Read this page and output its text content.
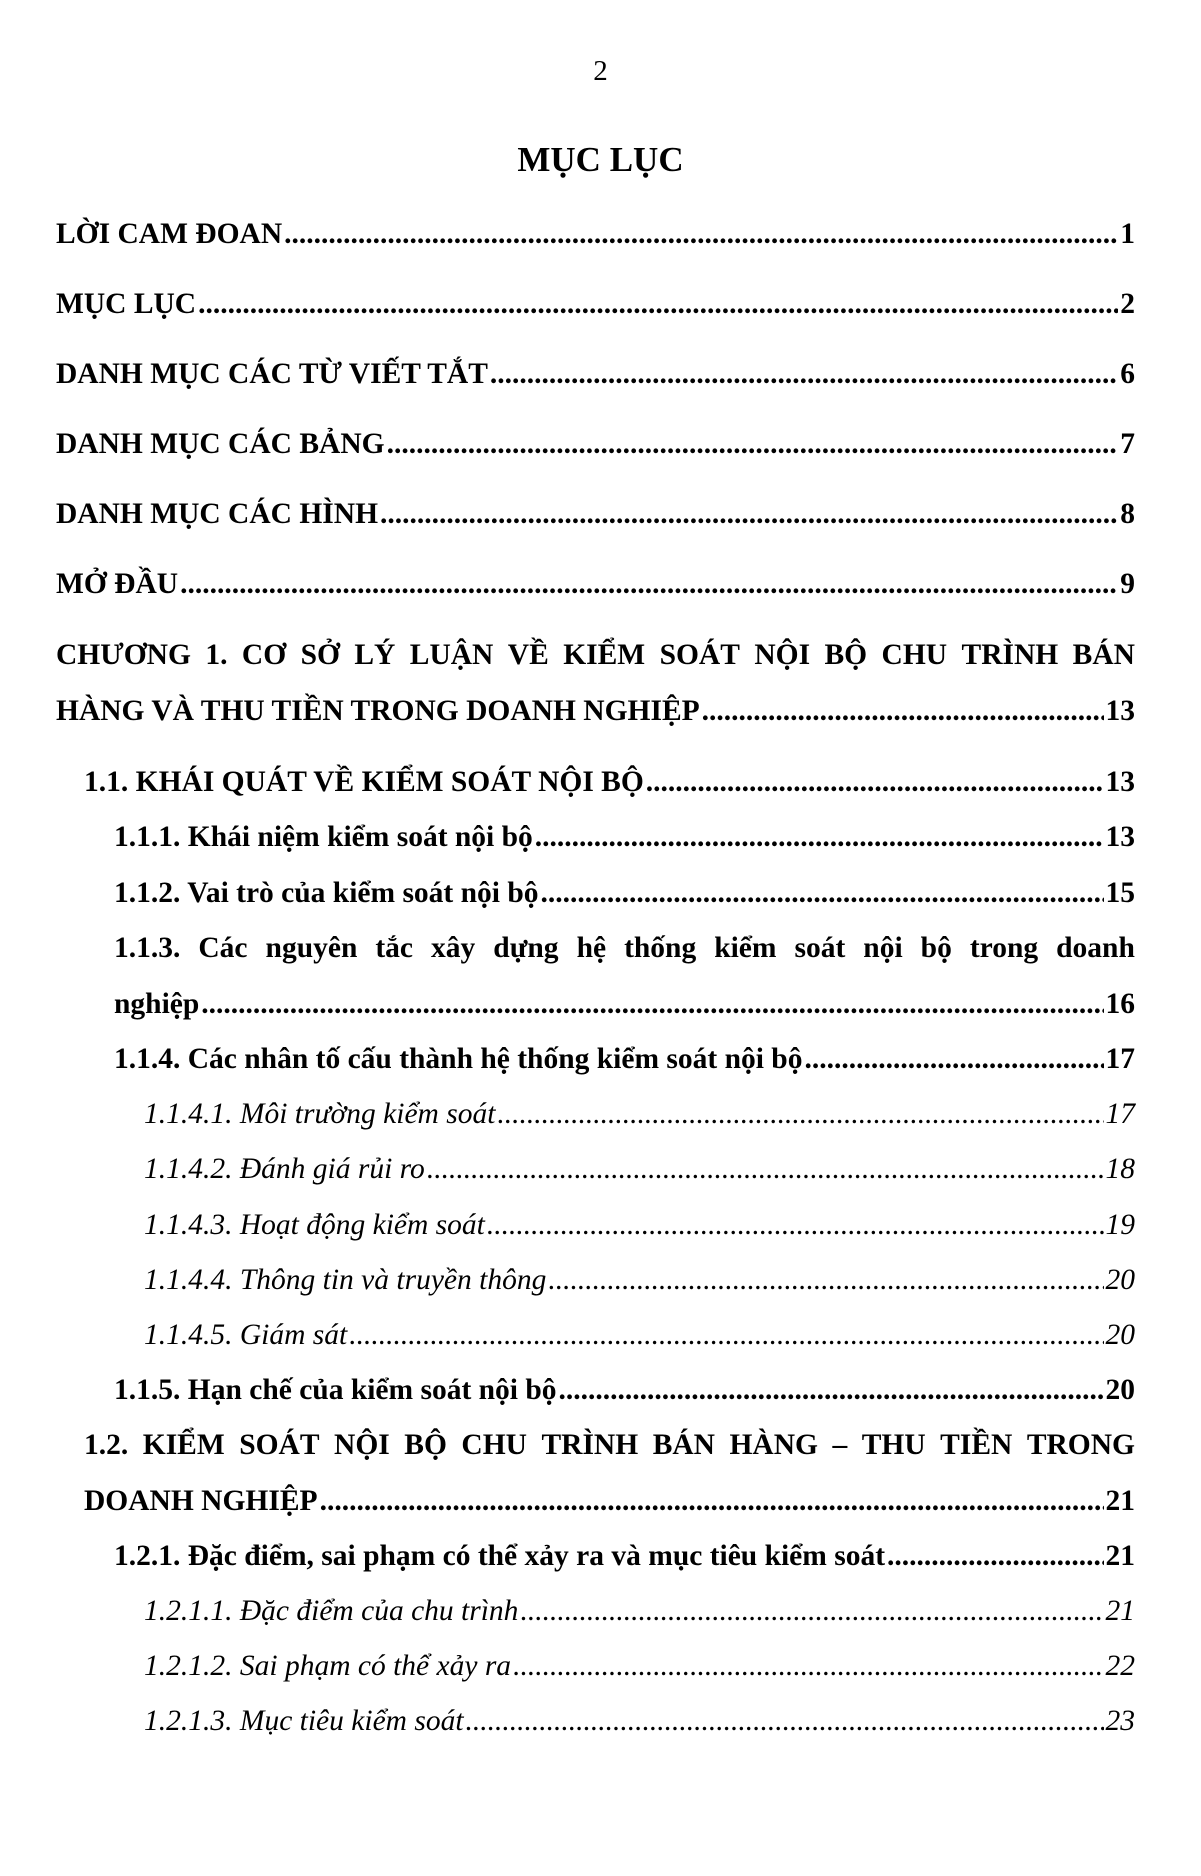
2
MỤC LỤC
LỜI CAM ĐOAN .....	1
MỤC LỤC .....	2
DANH MỤC CÁC TỪ VIẾT TẮT .....	6
DANH MỤC CÁC BẢNG .....	7
DANH MỤC CÁC HÌNH .....	8
MỞ ĐẦU .....	9
CHƯƠNG 1. CƠ SỞ LÝ LUẬN VỀ KIỂM SOÁT NỘI BỘ CHU TRÌNH BÁN
HÀNG VÀ THU TIỀN TRONG DOANH NGHIỆP .....	13
1.1. KHÁI QUÁT VỀ KIỂM SOÁT NỘI BỘ .....	13
1.1.1. Khái niệm kiểm soát nội bộ .....	13
1.1.2. Vai trò của kiểm soát nội bộ .....	15
1.1.3. Các nguyên tắc xây dựng hệ thống kiểm soát nội bộ trong doanh
nghiệp .....	16
1.1.4. Các nhân tố cấu thành hệ thống kiểm soát nội bộ .....	17
1.1.4.1. Môi trường kiểm soát .....	17
1.1.4.2. Đánh giá rủi ro .....	18
1.1.4.3. Hoạt động kiểm soát .....	19
1.1.4.4. Thông tin và truyền thông .....	20
1.1.4.5. Giám sát .....	20
1.1.5. Hạn chế của kiểm soát nội bộ .....	20
1.2. KIỂM SOÁT NỘI BỘ CHU TRÌNH BÁN HÀNG – THU TIỀN TRONG
DOANH NGHIỆP .....	21
1.2.1. Đặc điểm, sai phạm có thể xảy ra và mục tiêu kiểm soát .....	21
1.2.1.1. Đặc điểm của chu trình .....	21
1.2.1.2. Sai phạm có thể xảy ra .....	22
1.2.1.3. Mục tiêu kiểm soát .....	23
